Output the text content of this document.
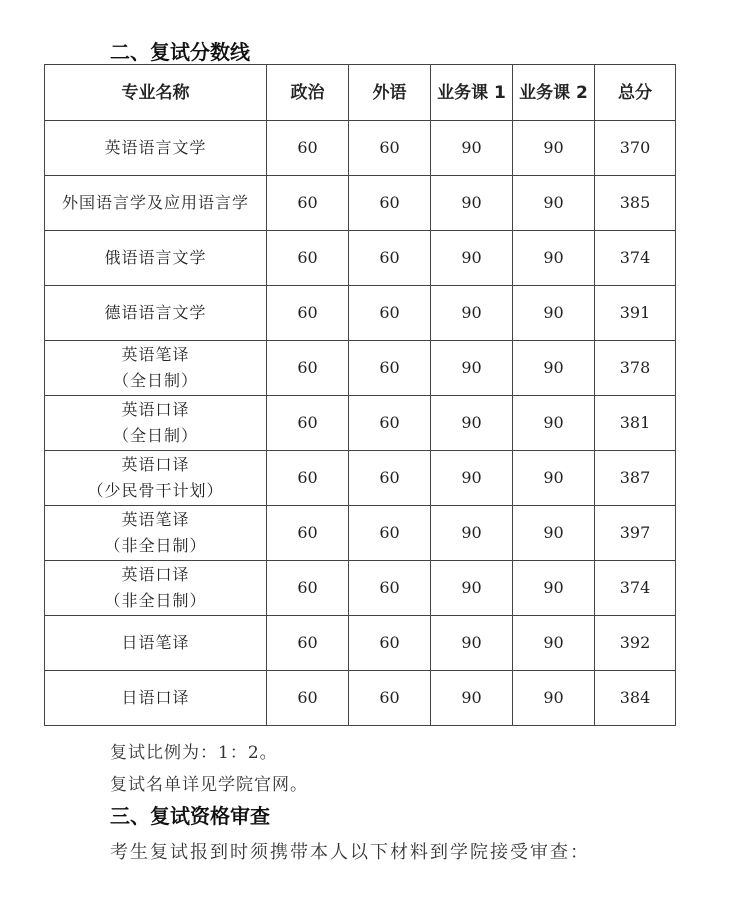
二、复试分数线
专业名称	政治	外语	业务课 1	业务课 2	总分

英语语言文学	60	60	90	90	370

外国语言学及应用语言学	60	60	90	90	385

俄语语言文学	60	60	90	90	374

德语语言文学	60	60	90	90	391

英语笔译
（全日制）	60	60	90	90	378

英语口译
（全日制）	60	60	90	90	381

英语口译
（少民骨干计划）	60	60	90	90	387

英语笔译
（非全日制）	60	60	90	90	397

英语口译
（非全日制）	60	60	90	90	374

日语笔译	60	60	90	90	392

日语口译	60	60	90	90	384
复试比例为：1：2。
复试名单详见学院官网。
三、复试资格审查
考生复试报到时须携带本人以下材料到学院接受审查：
